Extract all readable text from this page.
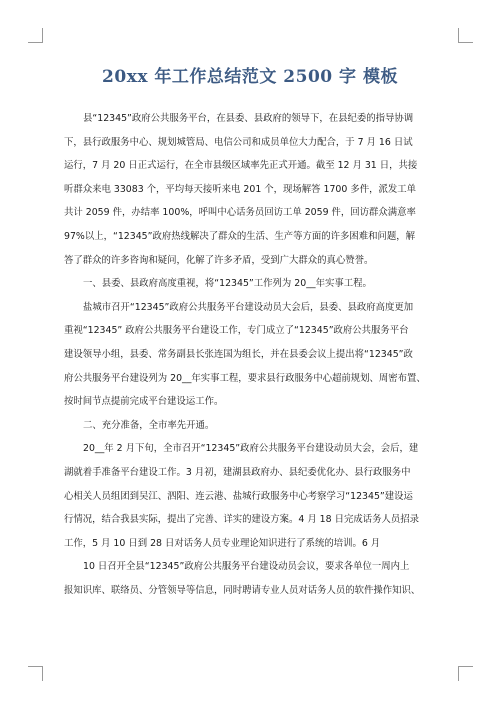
20xx 年工作总结范文 2500 字 模板
县“12345”政府公共服务平台，在县委、县政府的领导下，在县纪委的指导协调
下，县行政服务中心、规划城管局、电信公司和成员单位大力配合，于 7 月 16 日试
运行，7 月 20 日正式运行，在全市县级区域率先正式开通。截至 12 月 31 日，共接
听群众来电 33083 个，平均每天接听来电 201 个，现场解答 1700 多件，派发工单
共计 2059 件，办结率 100%，呼叫中心话务员回访工单 2059 件，回访群众满意率
97%以上，“12345”政府热线解决了群众的生活、生产等方面的许多困难和问题，解
答了群众的许多咨询和疑问，化解了许多矛盾，受到广大群众的真心赞誉。
一、县委、县政府高度重视，将“12345”工作列为 20__年实事工程。
盐城市召开“12345”政府公共服务平台建设动员大会后，县委、县政府高度更加
重视“12345” 政府公共服务平台建设工作，专门成立了“12345”政府公共服务平台
建设领导小组，县委、常务副县长张连国为组长，并在县委会议上提出将“12345”政
府公共服务平台建设列为 20__年实事工程，要求县行政服务中心超前规划、周密布置、
按时间节点提前完成平台建设运工作。
二、充分准备，全市率先开通。
20__年 2 月下旬，全市召开“12345”政府公共服务平台建设动员大会，会后，建
湖就着手准备平台建设工作。3 月初，建湖县政府办、县纪委优化办、县行政服务中
心相关人员组团到吴江、泗阳、连云港、盐城行政服务中心考察学习“12345”建设运
行情况，结合我县实际，提出了完善、详实的建设方案。4 月 18 日完成话务人员招录
工作，5 月 10 日到 28 日对话务人员专业理论知识进行了系统的培训。6 月
10 日召开全县“12345”政府公共服务平台建设动员会议，要求各单位一周内上
报知识库、联络员、分管领导等信息，同时聘请专业人员对话务人员的软件操作知识、
